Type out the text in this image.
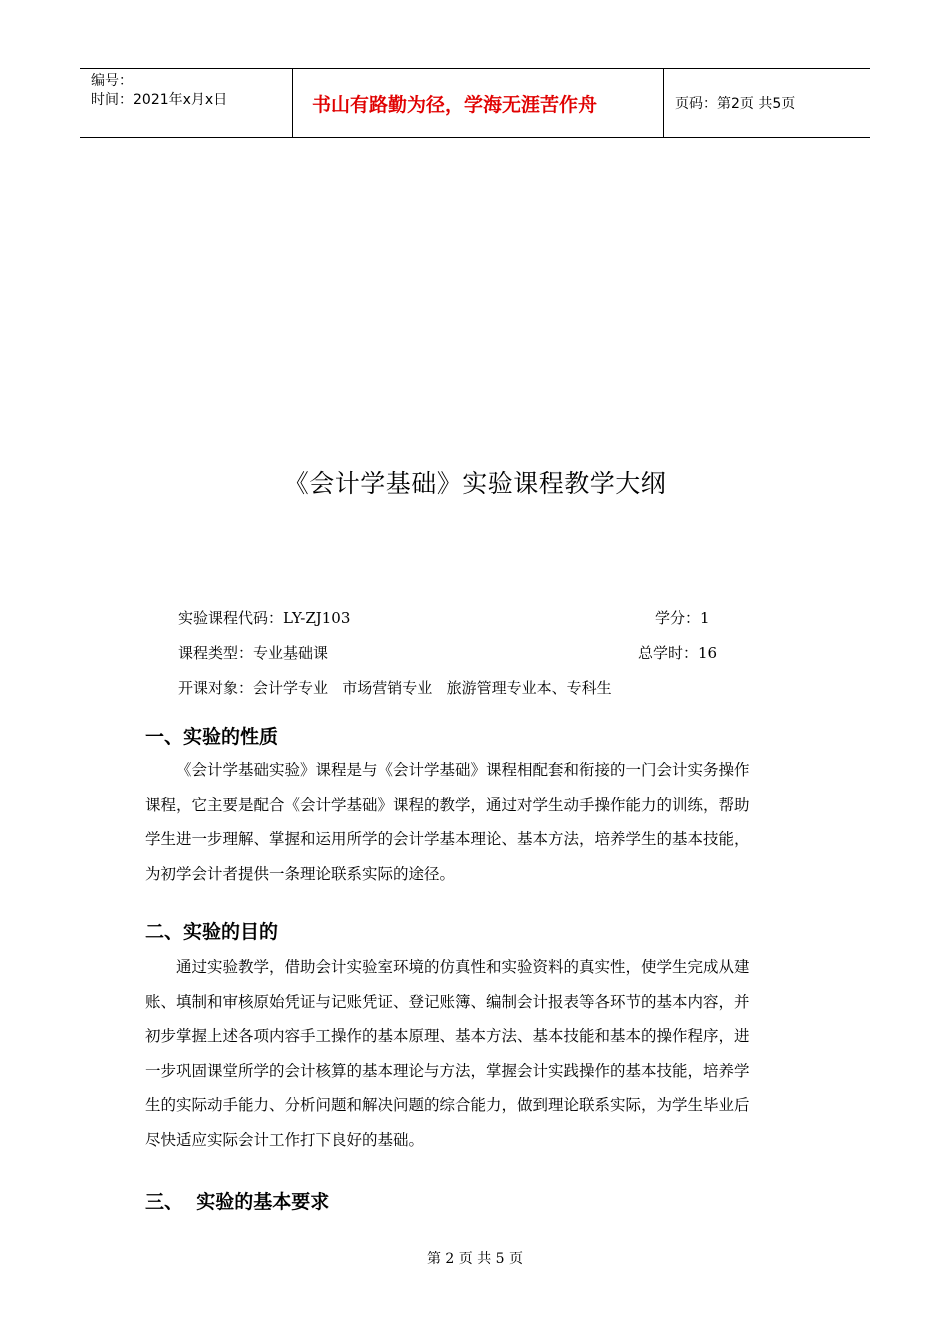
编号：
时间：2021年x月x日	书山有路勤为径，学海无涯苦作舟	页码：第2页 共5页
《会计学基础》实验课程教学大纲
实验课程代码：LY-ZJ103	学分：1
课程类型：专业基础课	总学时：16
开课对象：会计学专业   市场营销专业   旅游管理专业本、专科生
一、实验的性质
《会计学基础实验》课程是与《会计学基础》课程相配套和衔接的一门会计实务操作
课程，它主要是配合《会计学基础》课程的教学，通过对学生动手操作能力的训练，帮助
学生进一步理解、掌握和运用所学的会计学基本理论、基本方法，培养学生的基本技能，
为初学会计者提供一条理论联系实际的途径。
二、实验的目的
通过实验教学，借助会计实验室环境的仿真性和实验资料的真实性，使学生完成从建
账、填制和审核原始凭证与记账凭证、登记账簿、编制会计报表等各环节的基本内容，并
初步掌握上述各项内容手工操作的基本原理、基本方法、基本技能和基本的操作程序，进
一步巩固课堂所学的会计核算的基本理论与方法，掌握会计实践操作的基本技能，培养学
生的实际动手能力、分析问题和解决问题的综合能力，做到理论联系实际，为学生毕业后
尽快适应实际会计工作打下良好的基础。
三、  实验的基本要求
第 2 页 共 5 页
